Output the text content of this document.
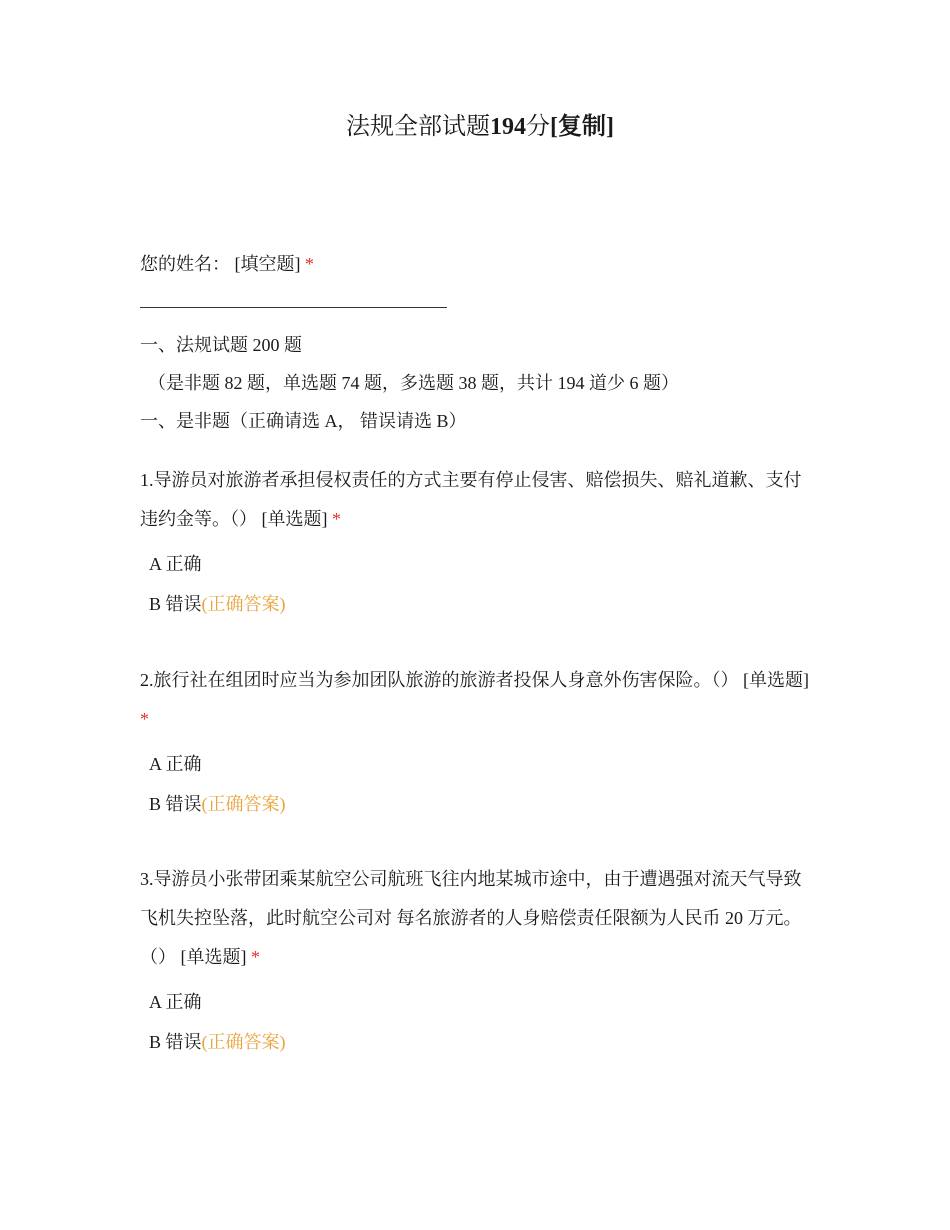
法规全部试题194分[复制]
您的姓名： [填空题] *
一、法规试题 200 题
（是非题 82 题，单选题 74 题，多选题 38 题，共计 194 道少 6 题）
一、是非题（正确请选 A， 错误请选 B）
1.导游员对旅游者承担侵权责任的方式主要有停止侵害、赔偿损失、赔礼道歉、支付违约金等。（） [单选题] *
A 正确
B 错误(正确答案)
2.旅行社在组团时应当为参加团队旅游的旅游者投保人身意外伤害保险。（） [单选题] *
A 正确
B 错误(正确答案)
3.导游员小张带团乘某航空公司航班飞往内地某城市途中，由于遭遇强对流天气导致飞机失控坠落，此时航空公司对 每名旅游者的人身赔偿责任限额为人民币 20 万元。（） [单选题] *
A 正确
B 错误(正确答案)
